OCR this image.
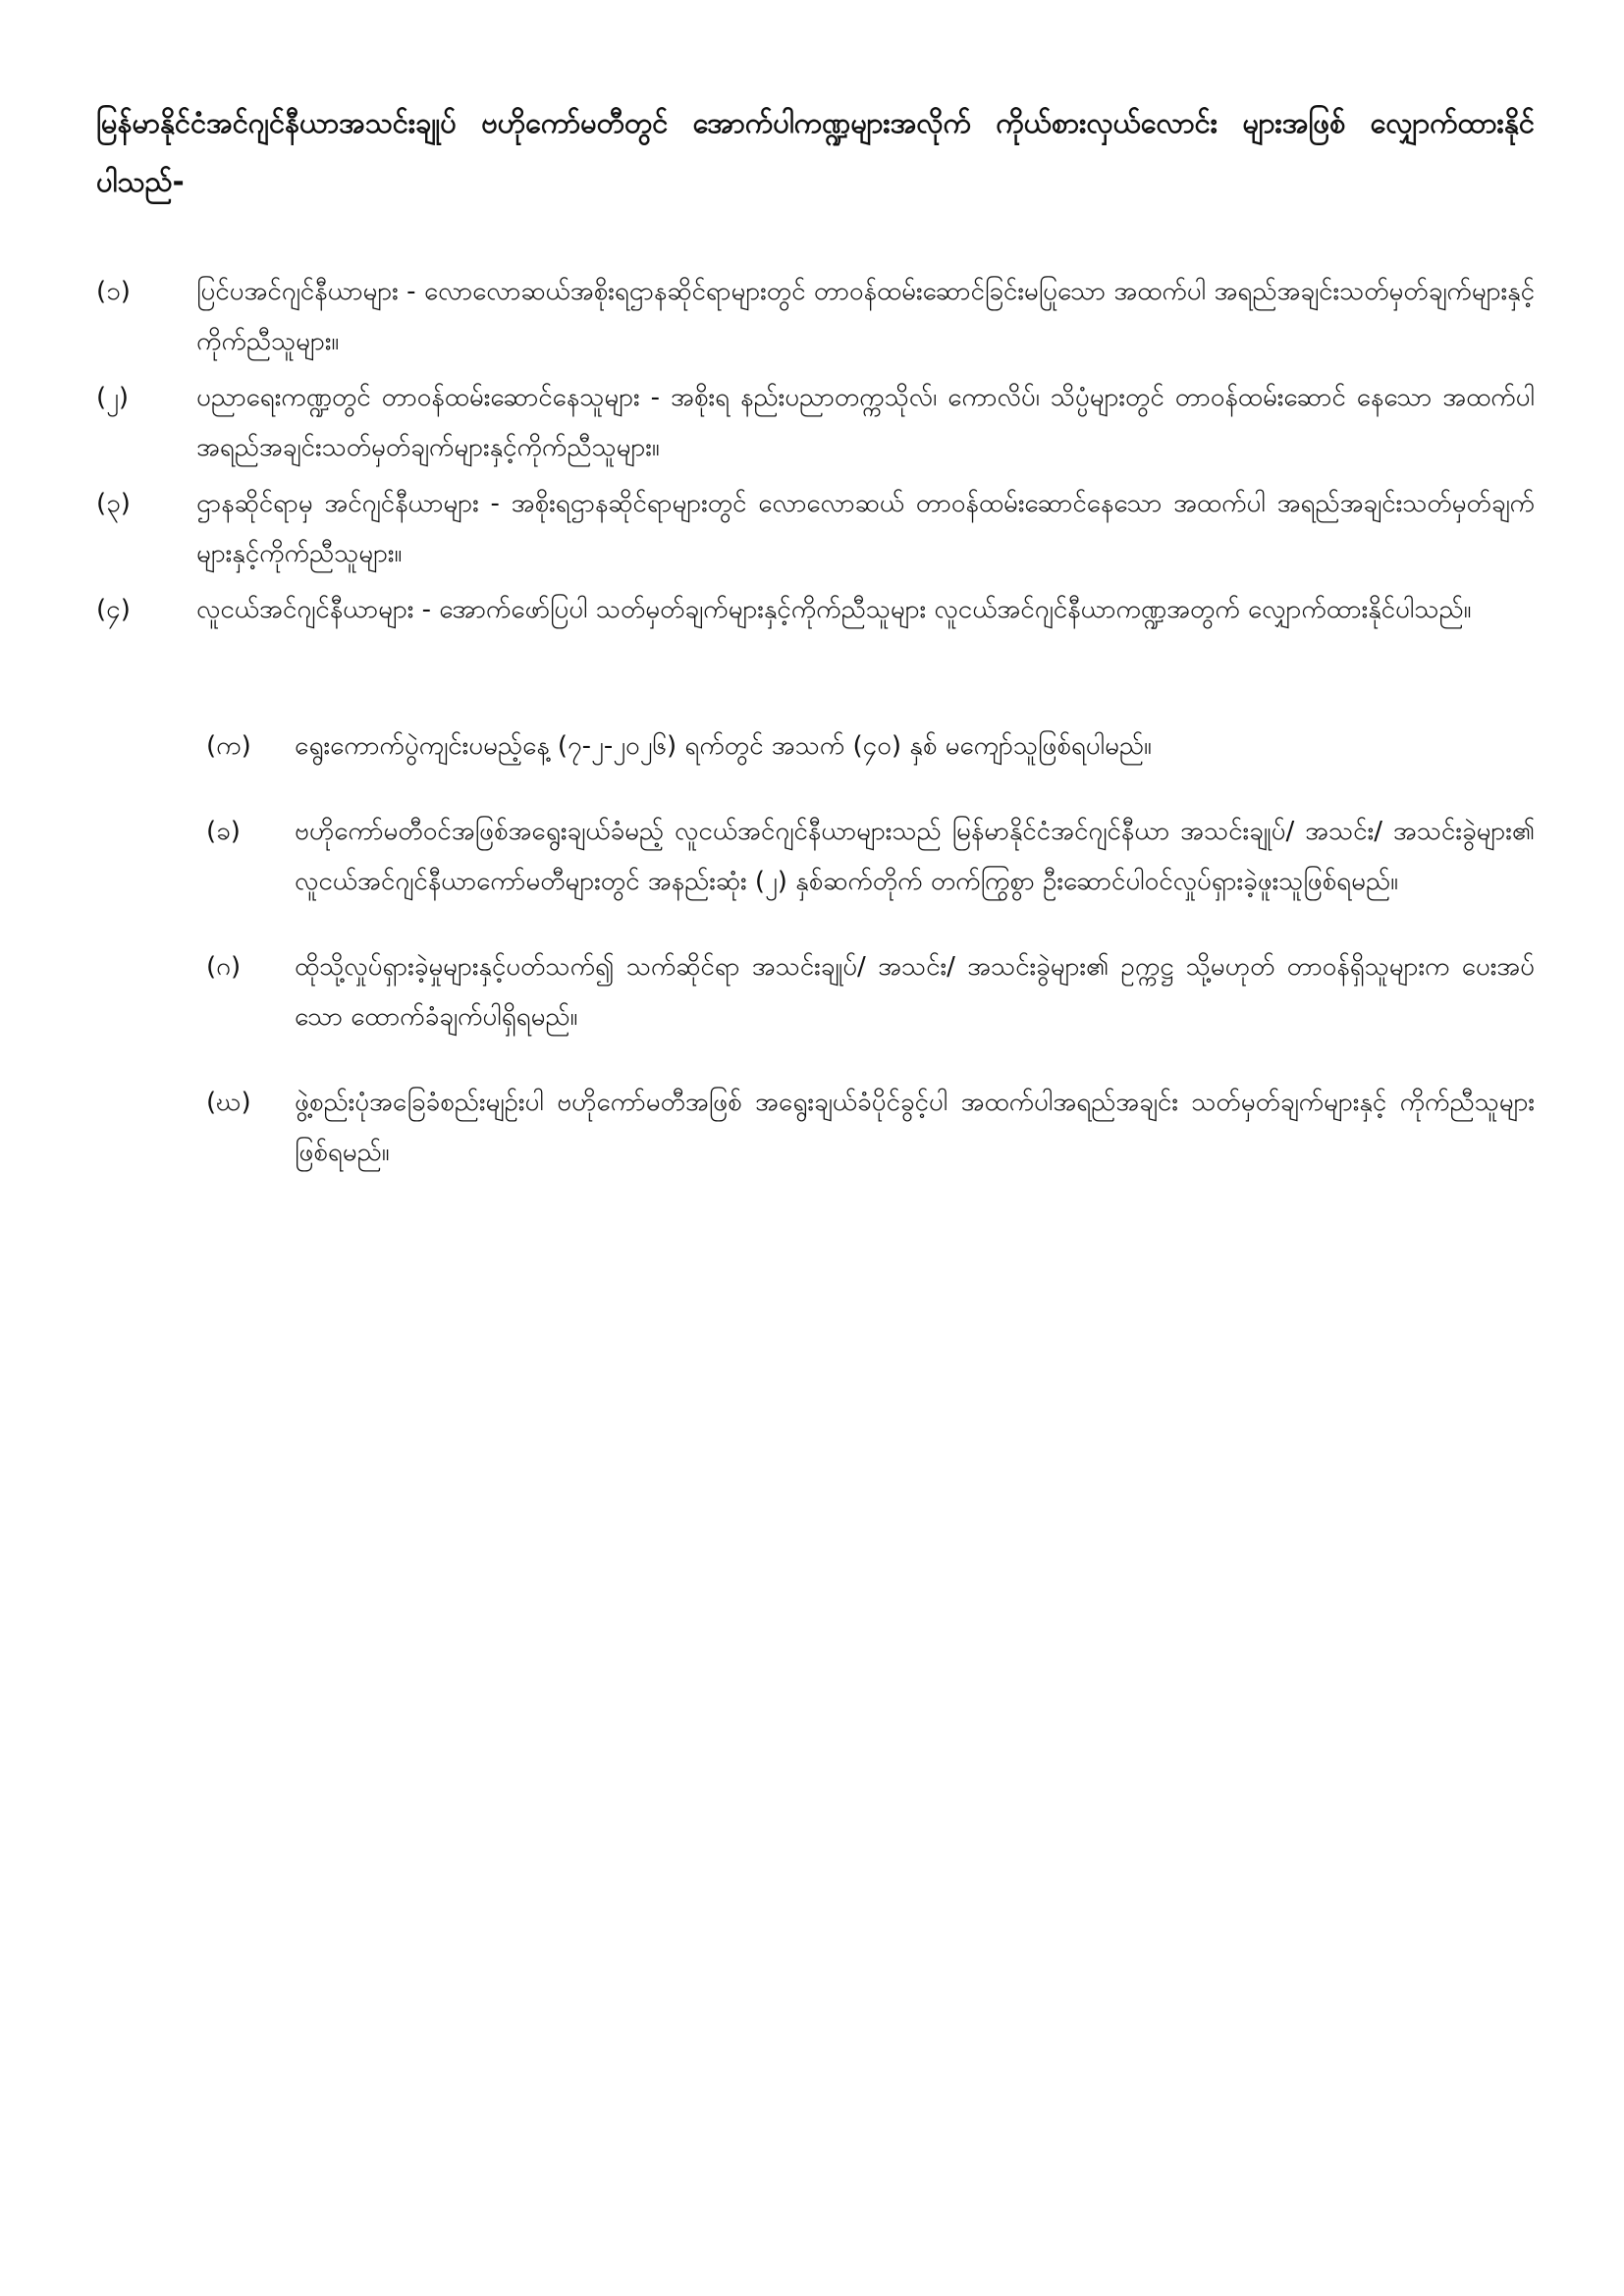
မြန်မာနိုင်ငံအင်ဂျင်နီယာအသင်းချုပ် ဗဟိုကော်မတီတွင် အောက်ပါကဏ္ဍများအလိုက် ကိုယ်စားလှယ်လောင်း များအဖြစ် လျှောက်ထားနိုင်ပါသည်-
(၁)	ပြင်ပအင်ဂျင်နီယာများ - လောလောဆယ်အစိုးရဌာနဆိုင်ရာများတွင် တာဝန်ထမ်းဆောင်ခြင်းမပြုသော အထက်ပါ အရည်အချင်းသတ်မှတ်ချက်များနှင့်ကိုက်ညီသူများ။
(၂)	ပညာရေးကဏ္ဍတွင် တာဝန်ထမ်းဆောင်နေသူများ - အစိုးရ နည်းပညာတက္ကသိုလ်၊ ကောလိပ်၊ သိပ္ပံများတွင် တာဝန်ထမ်းဆောင် နေသော အထက်ပါအရည်အချင်းသတ်မှတ်ချက်များနှင့်ကိုက်ညီသူများ။
(၃)	ဌာနဆိုင်ရာမှ အင်ဂျင်နီယာများ - အစိုးရဌာနဆိုင်ရာများတွင် လောလောဆယ် တာဝန်ထမ်းဆောင်နေသော အထက်ပါ အရည်အချင်းသတ်မှတ်ချက်များနှင့်ကိုက်ညီသူများ။
(၄)	လူငယ်အင်ဂျင်နီယာများ - အောက်ဖော်ပြပါ သတ်မှတ်ချက်များနှင့်ကိုက်ညီသူများ လူငယ်အင်ဂျင်နီယာကဏ္ဍအတွက် လျှောက်ထားနိုင်ပါသည်။
(က)	ရွေးကောက်ပွဲကျင်းပမည့်နေ့ (၇-၂-၂၀၂၆) ရက်တွင် အသက် (၄၀) နှစ် မကျော်သူဖြစ်ရပါမည်။
(ခ)	ဗဟိုကော်မတီဝင်အဖြစ်အရွေးချယ်ခံမည့် လူငယ်အင်ဂျင်နီယာများသည် မြန်မာနိုင်ငံအင်ဂျင်နီယာ အသင်းချုပ်/ အသင်း/ အသင်းခွဲများ၏ လူငယ်အင်ဂျင်နီယာကော်မတီများတွင် အနည်းဆုံး (၂) နှစ်ဆက်တိုက် တက်ကြွစွာ ဦးဆောင်ပါဝင်လှုပ်ရှားခဲ့ဖူးသူဖြစ်ရမည်။
(ဂ)	ထိုသို့လှုပ်ရှားခဲ့မှုများနှင့်ပတ်သက်၍ သက်ဆိုင်ရာ အသင်းချုပ်/ အသင်း/ အသင်းခွဲများ၏ ဥက္ကဋ္ဌ သို့မဟုတ် တာဝန်ရှိသူများက ပေးအပ်သော ထောက်ခံချက်ပါရှိရမည်။
(ဃ)	ဖွဲ့စည်းပုံအခြေခံစည်းမျဉ်းပါ ဗဟိုကော်မတီအဖြစ် အရွေးချယ်ခံပိုင်ခွင့်ပါ အထက်ပါအရည်အချင်း သတ်မှတ်ချက်များနှင့် ကိုက်ညီသူများဖြစ်ရမည်။
